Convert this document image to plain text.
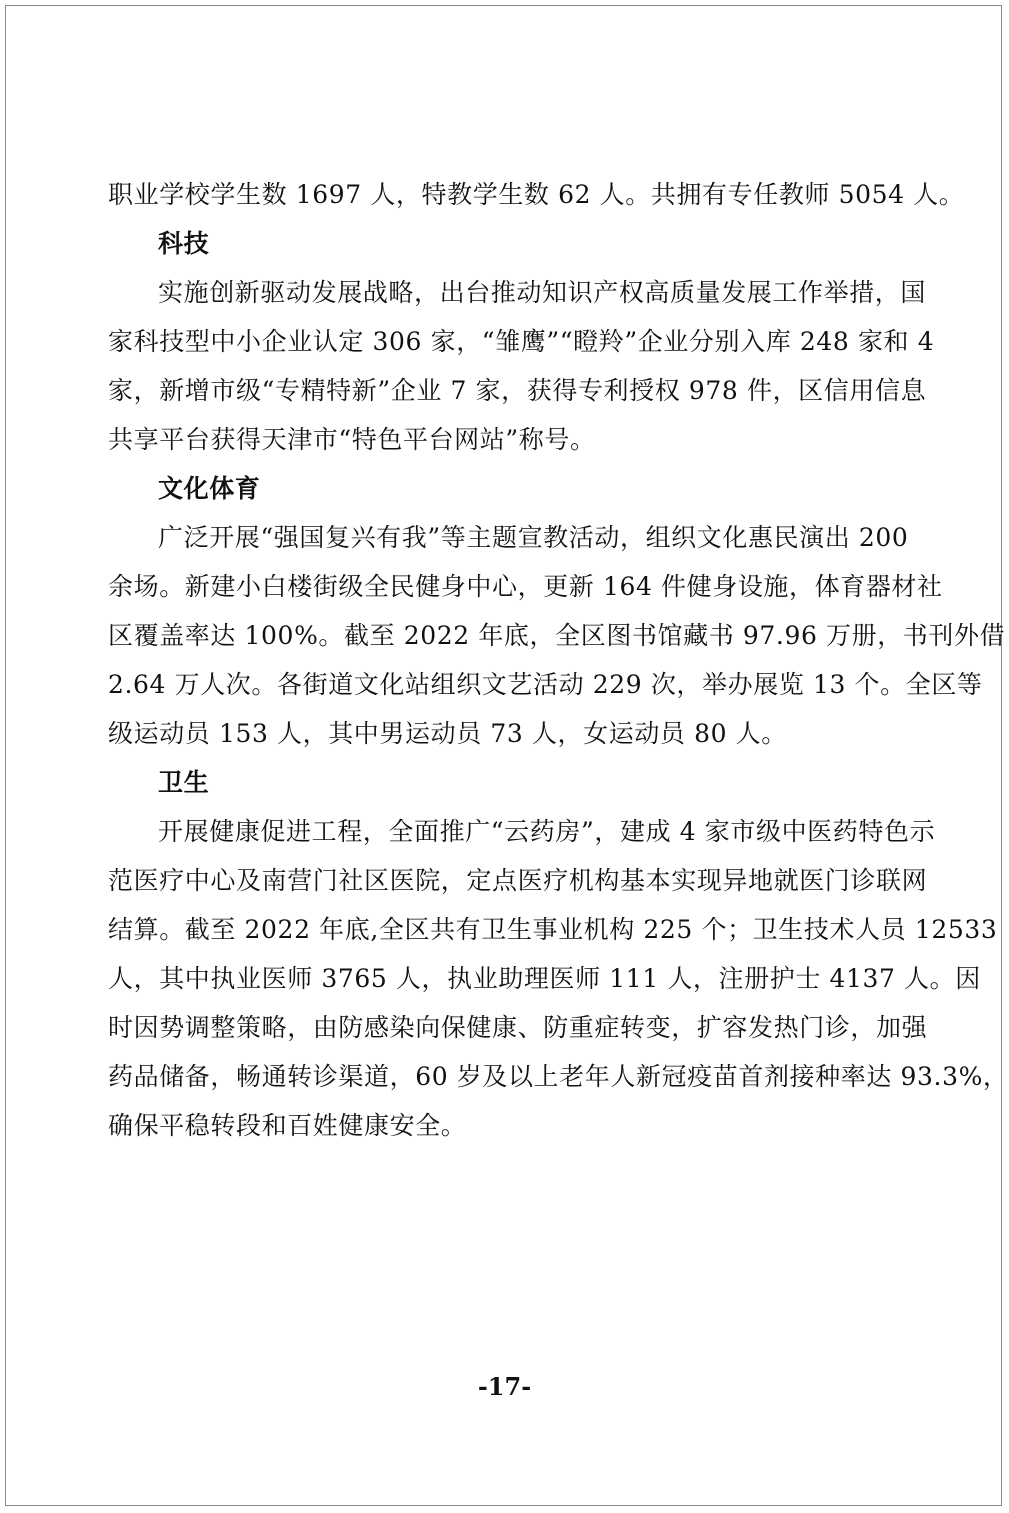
职业学校学生数 1697 人，特教学生数 62 人。共拥有专任教师 5054 人。
科技
实施创新驱动发展战略，出台推动知识产权高质量发展工作举措，国
家科技型中小企业认定 306 家，“雏鹰”“瞪羚”企业分别入库 248 家和 4
家，新增市级“专精特新”企业 7 家，获得专利授权 978 件，区信用信息
共享平台获得天津市“特色平台网站”称号。
文化体育
广泛开展“强国复兴有我”等主题宣教活动，组织文化惠民演出 200
余场。新建小白楼街级全民健身中心，更新 164 件健身设施，体育器材社
区覆盖率达 100%。截至 2022 年底，全区图书馆藏书 97.96 万册，书刊外借
2.64 万人次。各街道文化站组织文艺活动 229 次，举办展览 13 个。全区等
级运动员 153 人，其中男运动员 73 人，女运动员 80 人。
卫生
开展健康促进工程，全面推广“云药房”，建成 4 家市级中医药特色示
范医疗中心及南营门社区医院，定点医疗机构基本实现异地就医门诊联网
结算。截至 2022 年底,全区共有卫生事业机构 225 个；卫生技术人员 12533
人，其中执业医师 3765 人，执业助理医师 111 人，注册护士 4137 人。因
时因势调整策略，由防感染向保健康、防重症转变，扩容发热门诊，加强
药品储备，畅通转诊渠道，60 岁及以上老年人新冠疫苗首剂接种率达 93.3%，
确保平稳转段和百姓健康安全。
-17-
